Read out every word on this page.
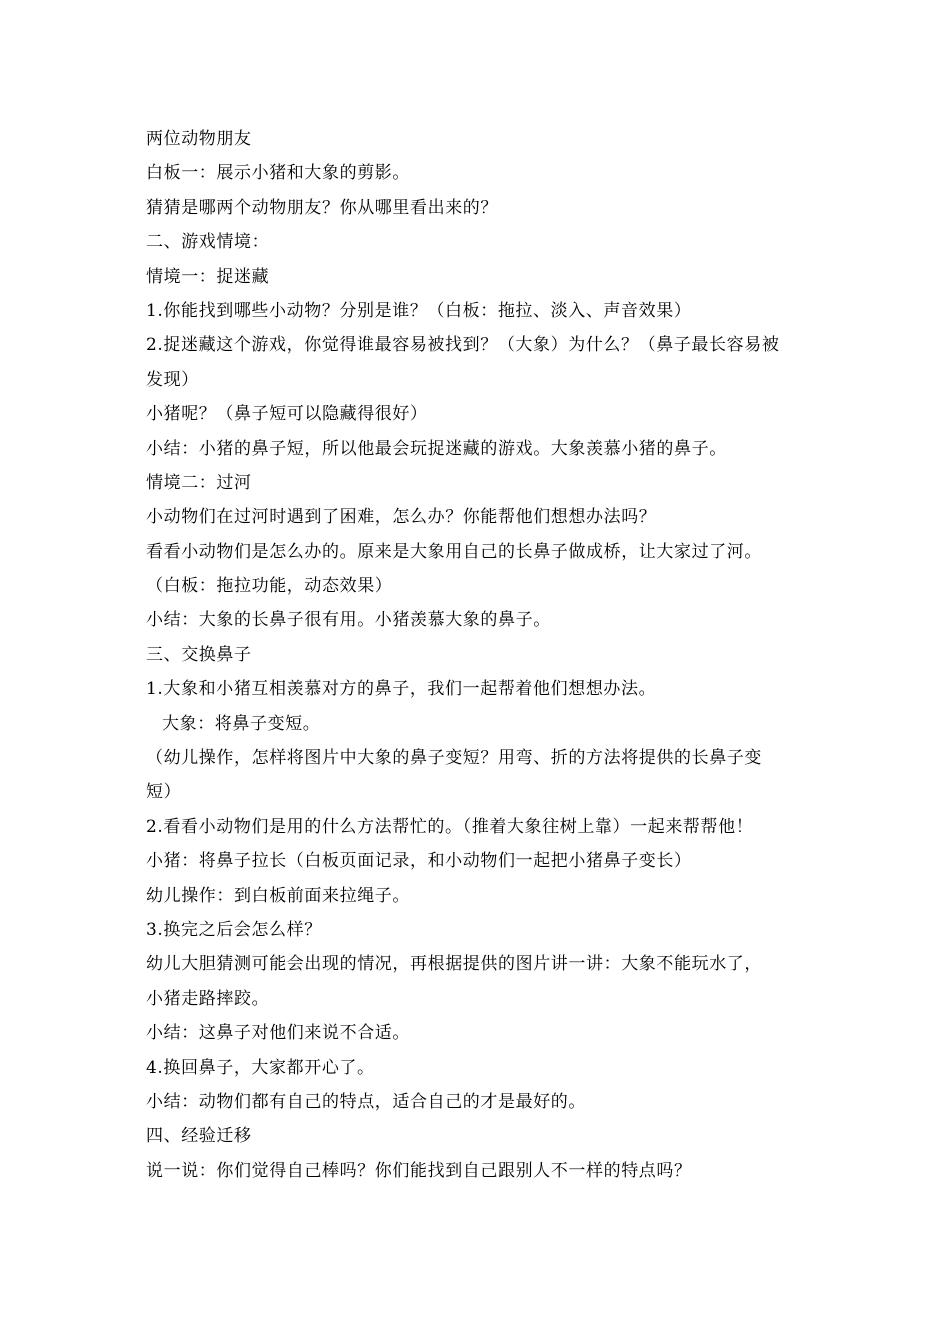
两位动物朋友
白板一：展示小猪和大象的剪影。
猜猜是哪两个动物朋友？你从哪里看出来的？
二、游戏情境：
情境一：捉迷藏
1.你能找到哪些小动物？分别是谁？（白板：拖拉、淡入、声音效果）
2.捉迷藏这个游戏，你觉得谁最容易被找到？（大象）为什么？（鼻子最长容易被
发现）
小猪呢？（鼻子短可以隐藏得很好）
小结：小猪的鼻子短，所以他最会玩捉迷藏的游戏。大象羡慕小猪的鼻子。
情境二：过河
小动物们在过河时遇到了困难，怎么办？你能帮他们想想办法吗？
看看小动物们是怎么办的。原来是大象用自己的长鼻子做成桥，让大家过了河。
（白板：拖拉功能，动态效果）
小结：大象的长鼻子很有用。小猪羡慕大象的鼻子。
三、交换鼻子
1.大象和小猪互相羡慕对方的鼻子，我们一起帮着他们想想办法。
大象：将鼻子变短。
（幼儿操作，怎样将图片中大象的鼻子变短？用弯、折的方法将提供的长鼻子变
短）
2.看看小动物们是用的什么方法帮忙的。（推着大象往树上靠）一起来帮帮他！
小猪：将鼻子拉长（白板页面记录，和小动物们一起把小猪鼻子变长）
幼儿操作：到白板前面来拉绳子。
3.换完之后会怎么样？
幼儿大胆猜测可能会出现的情况，再根据提供的图片讲一讲：大象不能玩水了，
小猪走路摔跤。
小结：这鼻子对他们来说不合适。
4.换回鼻子，大家都开心了。
小结：动物们都有自己的特点，适合自己的才是最好的。
四、经验迁移
说一说：你们觉得自己棒吗？你们能找到自己跟别人不一样的特点吗？
